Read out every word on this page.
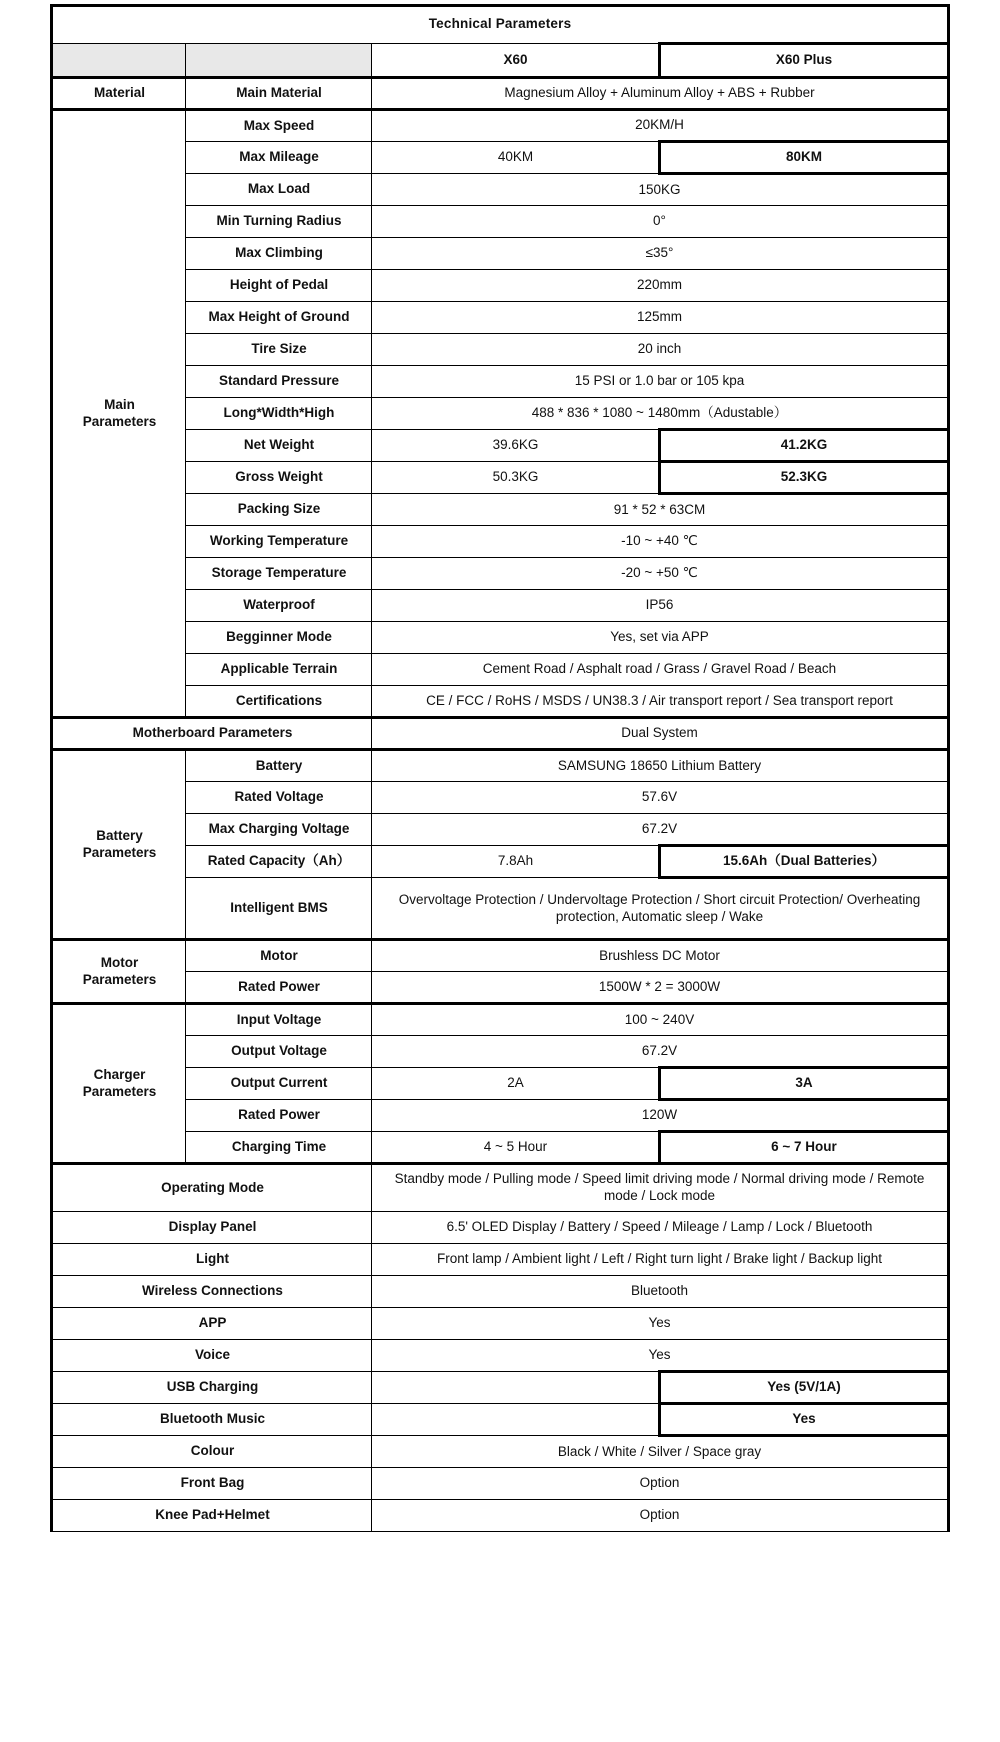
Technical Parameters			
		X60	X60 Plus
Material	Main Material	Magnesium Alloy + Aluminum Alloy + ABS + Rubber	
Main
Parameters	Max Speed	20KM/H	
	Max Mileage	40KM	80KM
	Max Load	150KG	
	Min Turning Radius	0°	
	Max Climbing	≤35°	
	Height of Pedal	220mm	
	Max Height of Ground	125mm	
	Tire Size	20 inch	
	Standard Pressure	15 PSI or 1.0 bar or 105 kpa	
	Long*Width*High	488 * 836 * 1080 ~ 1480mm（Adustable）	
	Net Weight	39.6KG	41.2KG
	Gross Weight	50.3KG	52.3KG
	Packing Size	91 * 52 * 63CM	
	Working Temperature	-10 ~ +40 ℃	
	Storage Temperature	-20 ~ +50 ℃	
	Waterproof	IP56	
	Begginner Mode	Yes, set via APP	
	Applicable Terrain	Cement Road / Asphalt road / Grass / Gravel Road / Beach	
	Certifications	CE / FCC / RoHS / MSDS / UN38.3 / Air transport report / Sea transport report	
Motherboard Parameters		Dual System	
Battery
Parameters	Battery	SAMSUNG 18650 Lithium Battery	
	Rated Voltage	57.6V	
	Max Charging Voltage	67.2V	
	Rated Capacity（Ah）	7.8Ah	15.6Ah（Dual Batteries）
	Intelligent BMS	Overvoltage Protection / Undervoltage Protection / Short circuit Protection/ Overheating protection, Automatic sleep / Wake	
Motor
Parameters	Motor	Brushless DC Motor	
	Rated Power	1500W * 2 = 3000W	
Charger
Parameters	Input Voltage	100 ~ 240V	
	Output Voltage	67.2V	
	Output Current	2A	3A
	Rated Power	120W	
	Charging Time	4 ~ 5 Hour	6 ~ 7 Hour
Operating Mode		Standby mode / Pulling mode / Speed limit driving mode / Normal driving mode / Remote mode / Lock mode	
Display Panel		6.5' OLED Display / Battery / Speed / Mileage / Lamp / Lock / Bluetooth	
Light		Front lamp / Ambient light / Left / Right turn light / Brake light / Backup light	
Wireless Connections		Bluetooth	
APP		Yes	
Voice		Yes	
USB Charging			Yes (5V/1A)
Bluetooth Music			Yes
Colour		Black / White / Silver / Space gray	
Front Bag		Option	
Knee Pad+Helmet		Option	
